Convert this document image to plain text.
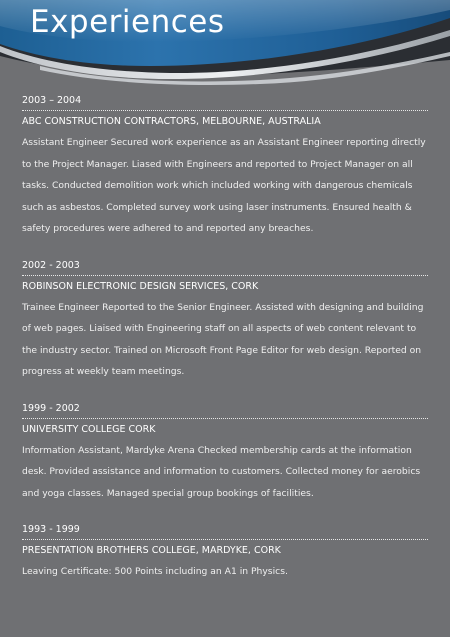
Experiences
2003 – 2004
ABC CONSTRUCTION CONTRACTORS, MELBOURNE, AUSTRALIA
Assistant Engineer Secured work experience as an Assistant Engineer reporting directly to the Project Manager. Liased with Engineers and reported to Project Manager on all tasks. Conducted demolition work which included working with dangerous chemicals such as asbestos. Completed survey work using laser instruments. Ensured health & safety procedures were adhered to and reported any breaches.
2002 - 2003
ROBINSON ELECTRONIC DESIGN SERVICES, CORK
Trainee Engineer Reported to the Senior Engineer. Assisted with designing and building of web pages. Liaised with Engineering staff on all aspects of web content relevant to the industry sector. Trained on Microsoft Front Page Editor for web design. Reported on progress at weekly team meetings.
1999 - 2002
UNIVERSITY COLLEGE CORK
Information Assistant, Mardyke Arena Checked membership cards at the information desk. Provided assistance and information to customers. Collected money for aerobics and yoga classes. Managed special group bookings of facilities.
1993 - 1999
PRESENTATION BROTHERS COLLEGE, MARDYKE, CORK
Leaving Certificate: 500 Points including an A1 in Physics.
